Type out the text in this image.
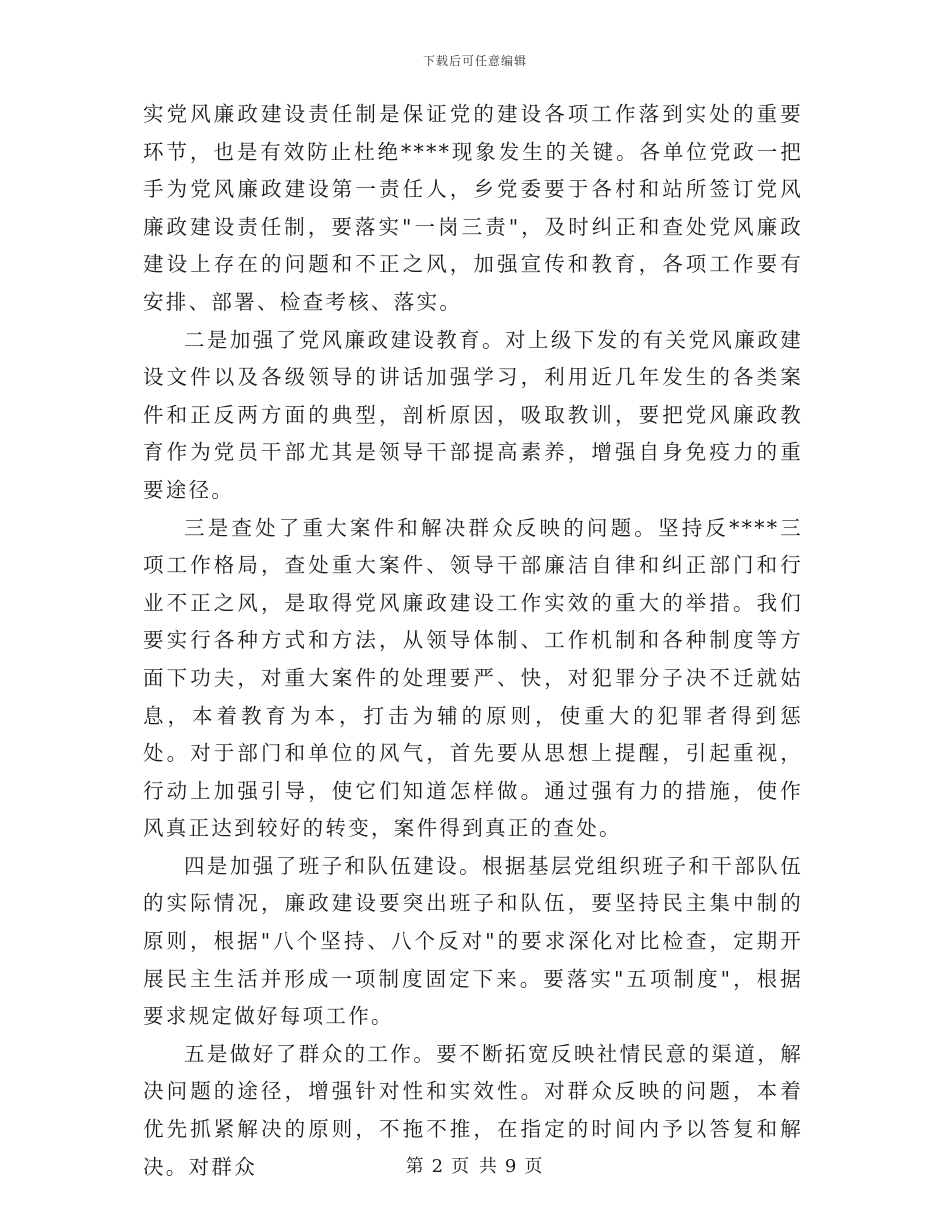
下载后可任意编辑

实党风廉政建设责任制是保证党的建设各项工作落到实处的重要环节，也是有效防止杜绝****现象发生的关键。各单位党政一把手为党风廉政建设第一责任人，乡党委要于各村和站所签订党风廉政建设责任制，要落实"一岗三责"，及时纠正和查处党风廉政建设上存在的问题和不正之风，加强宣传和教育，各项工作要有安排、部署、检查考核、落实。

二是加强了党风廉政建设教育。对上级下发的有关党风廉政建设文件以及各级领导的讲话加强学习，利用近几年发生的各类案件和正反两方面的典型，剖析原因，吸取教训，要把党风廉政教育作为党员干部尤其是领导干部提高素养，增强自身免疫力的重要途径。

三是查处了重大案件和解决群众反映的问题。坚持反****三项工作格局，查处重大案件、领导干部廉洁自律和纠正部门和行业不正之风，是取得党风廉政建设工作实效的重大的举措。我们要实行各种方式和方法，从领导体制、工作机制和各种制度等方面下功夫，对重大案件的处理要严、快，对犯罪分子决不迁就姑息，本着教育为本，打击为辅的原则，使重大的犯罪者得到惩处。对于部门和单位的风气，首先要从思想上提醒，引起重视，行动上加强引导，使它们知道怎样做。通过强有力的措施，使作风真正达到较好的转变，案件得到真正的查处。

四是加强了班子和队伍建设。根据基层党组织班子和干部队伍的实际情况，廉政建设要突出班子和队伍，要坚持民主集中制的原则，根据"八个坚持、八个反对"的要求深化对比检查，定期开展民主生活并形成一项制度固定下来。要落实"五项制度"，根据要求规定做好每项工作。

五是做好了群众的工作。要不断拓宽反映社情民意的渠道，解决问题的途径，增强针对性和实效性。对群众反映的问题，本着优先抓紧解决的原则，不拖不推，在指定的时间内予以答复和解决。对群众	第 2 页 共 9 页
